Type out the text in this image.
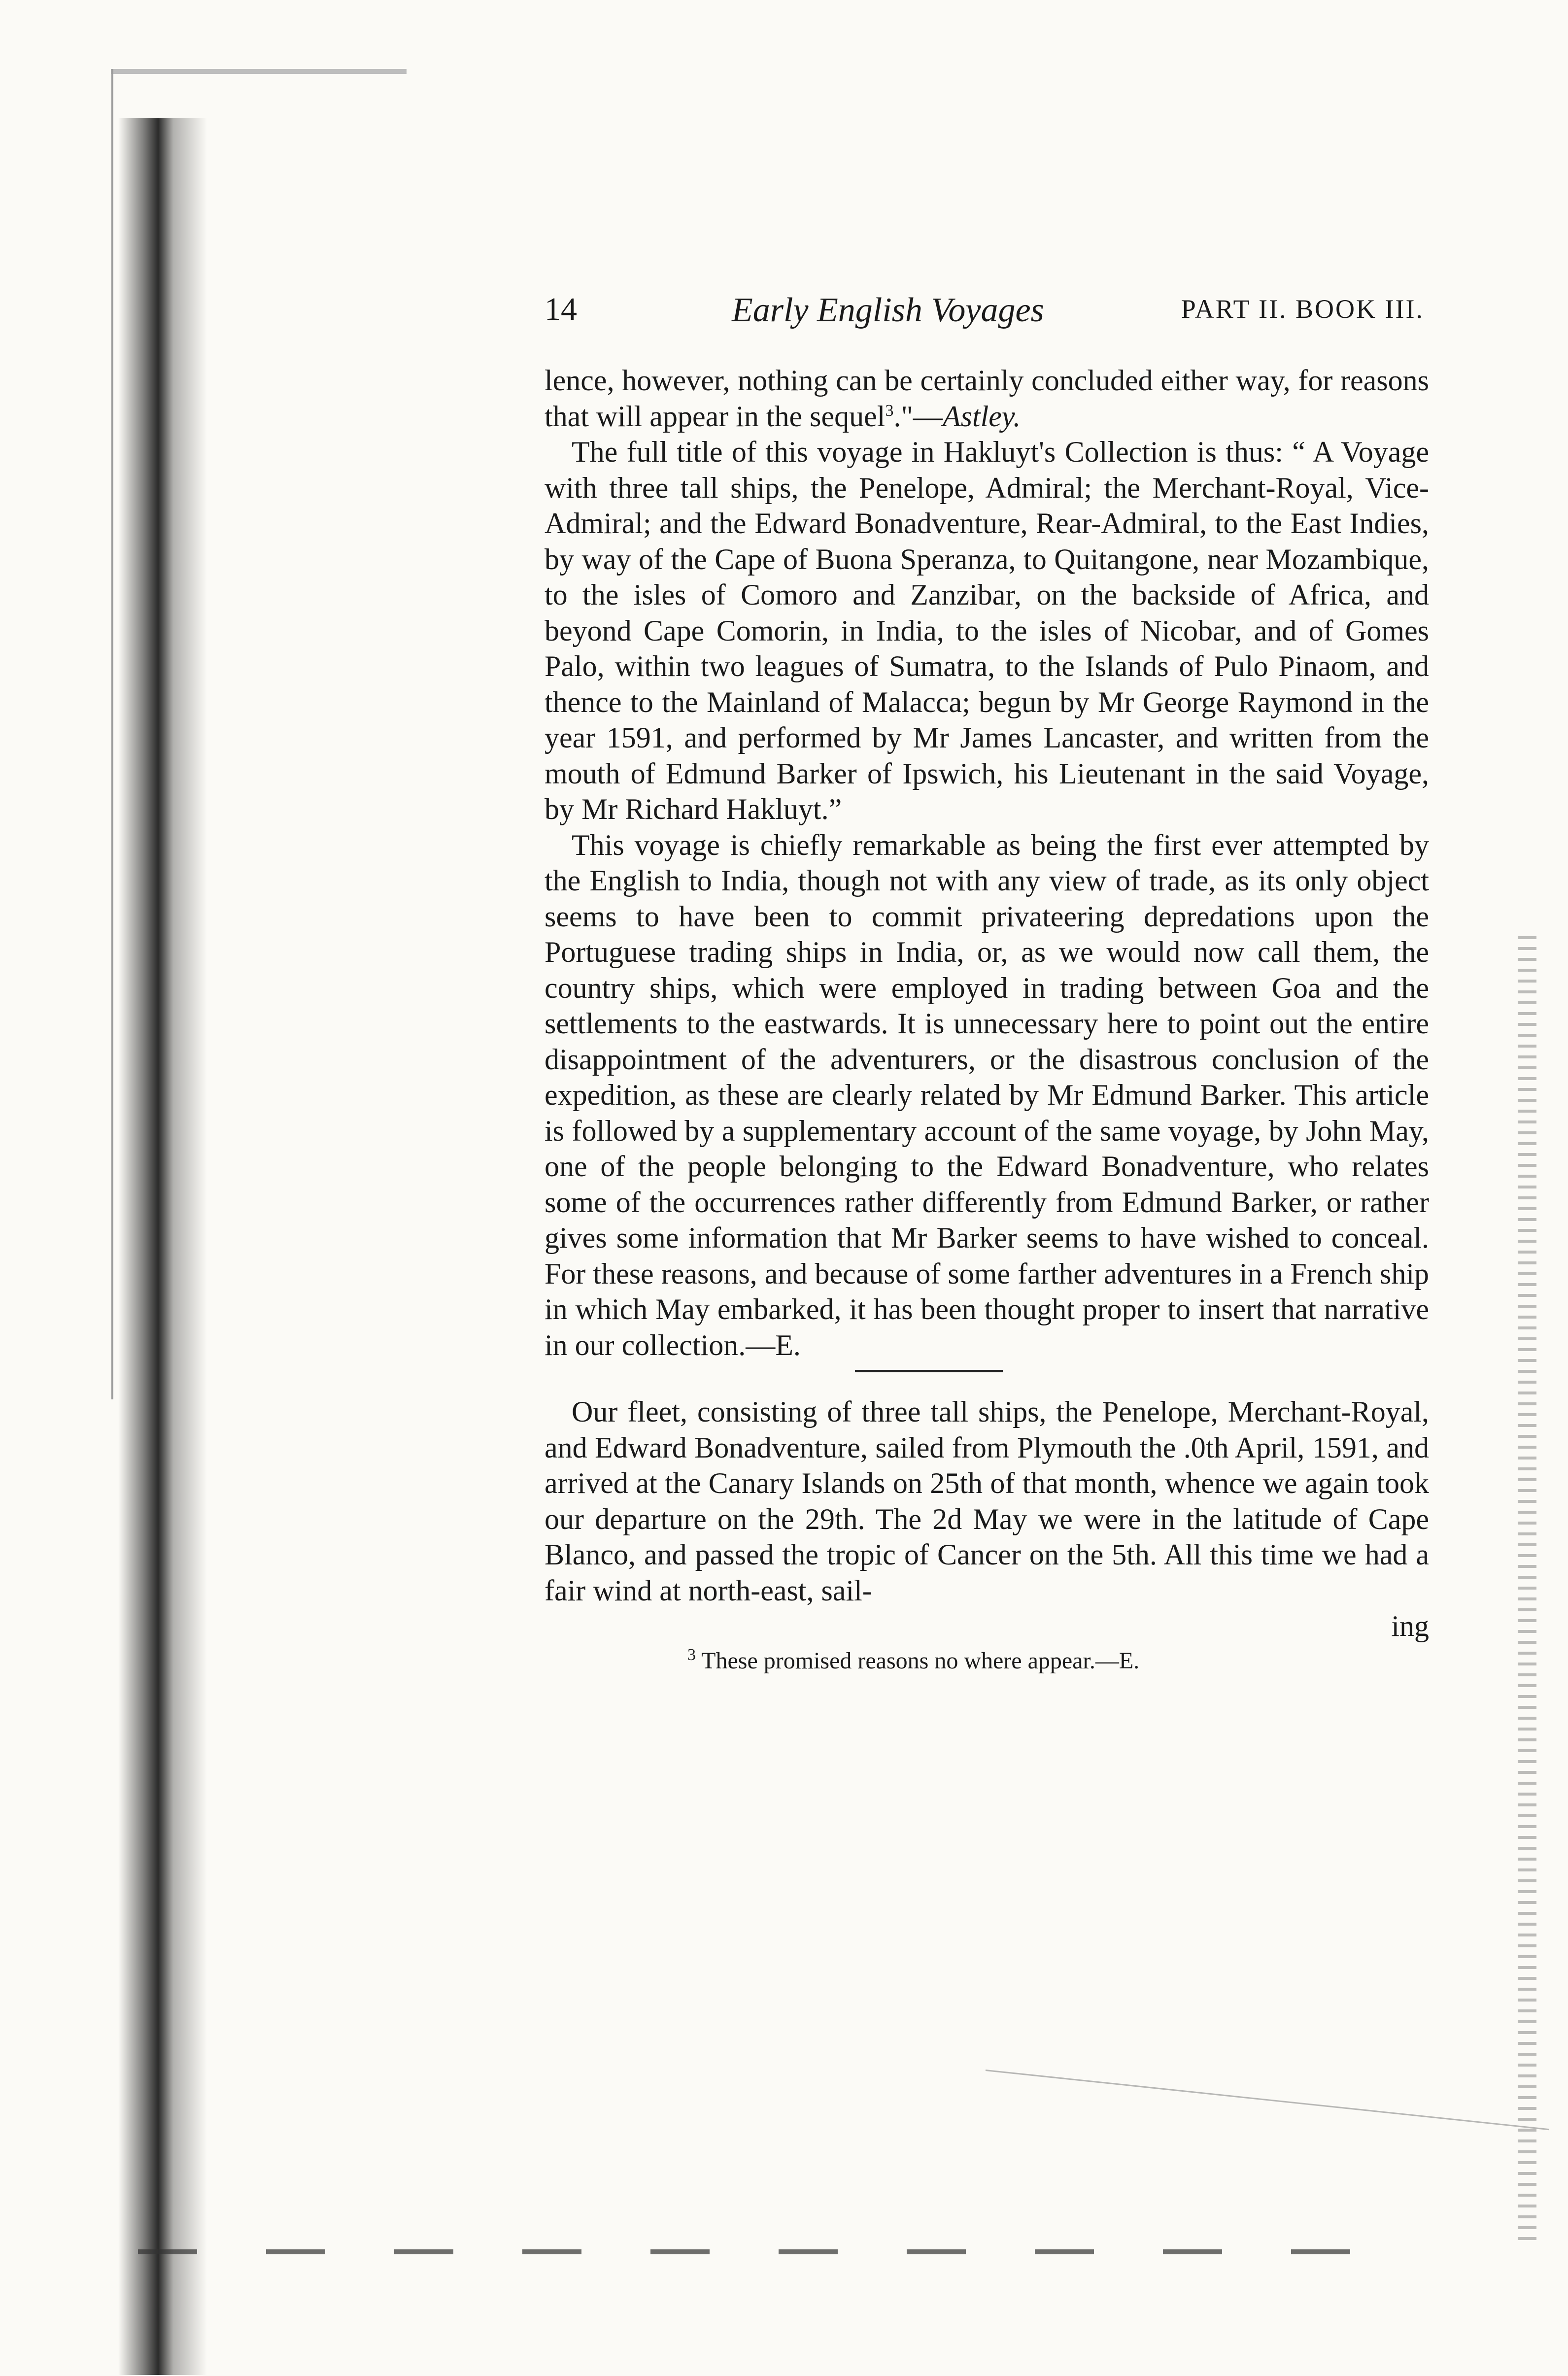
14	Early English Voyages	PART II. BOOK III.

lence, however, nothing can be certainly concluded either way, for reasons that will appear in the sequel$^3$."—Astley.

The full title of this voyage in Hakluyt's Collection is thus: “ A Voyage with three tall ships, the Penelope, Admiral; the Merchant-Royal, Vice-Admiral; and the Edward Bonadventure, Rear-Admiral, to the East Indies, by way of the Cape of Buona Speranza, to Quitangone, near Mozambique, to the isles of Comoro and Zanzibar, on the backside of Africa, and beyond Cape Comorin, in India, to the isles of Nicobar, and of Gomes Palo, within two leagues of Sumatra, to the Islands of Pulo Pinaom, and thence to the Mainland of Malacca; begun by Mr George Raymond in the year 1591, and performed by Mr James Lancaster, and written from the mouth of Edmund Barker of Ipswich, his Lieutenant in the said Voyage, by Mr Richard Hakluyt.”

This voyage is chiefly remarkable as being the first ever attempted by the English to India, though not with any view of trade, as its only object seems to have been to commit privateering depredations upon the Portuguese trading ships in India, or, as we would now call them, the country ships, which were employed in trading between Goa and the settlements to the eastwards. It is unnecessary here to point out the entire disappointment of the adventurers, or the disastrous conclusion of the expedition, as these are clearly related by Mr Edmund Barker. This article is followed by a supplementary account of the same voyage, by John May, one of the people belonging to the Edward Bonadventure, who relates some of the occurrences rather differently from Edmund Barker, or rather gives some information that Mr Barker seems to have wished to conceal. For these reasons, and because of some farther adventures in a French ship in which May embarked, it has been thought proper to insert that narrative in our collection.—E.

Our fleet, consisting of three tall ships, the Penelope, Merchant-Royal, and Edward Bonadventure, sailed from Plymouth the .0th April, 1591, and arrived at the Canary Islands on 25th of that month, whence we again took our departure on the 29th. The 2d May we were in the latitude of Cape Blanco, and passed the tropic of Cancer on the 5th. All this time we had a fair wind at north-east, sail-

ing

$^3$ These promised reasons no where appear.—E.
